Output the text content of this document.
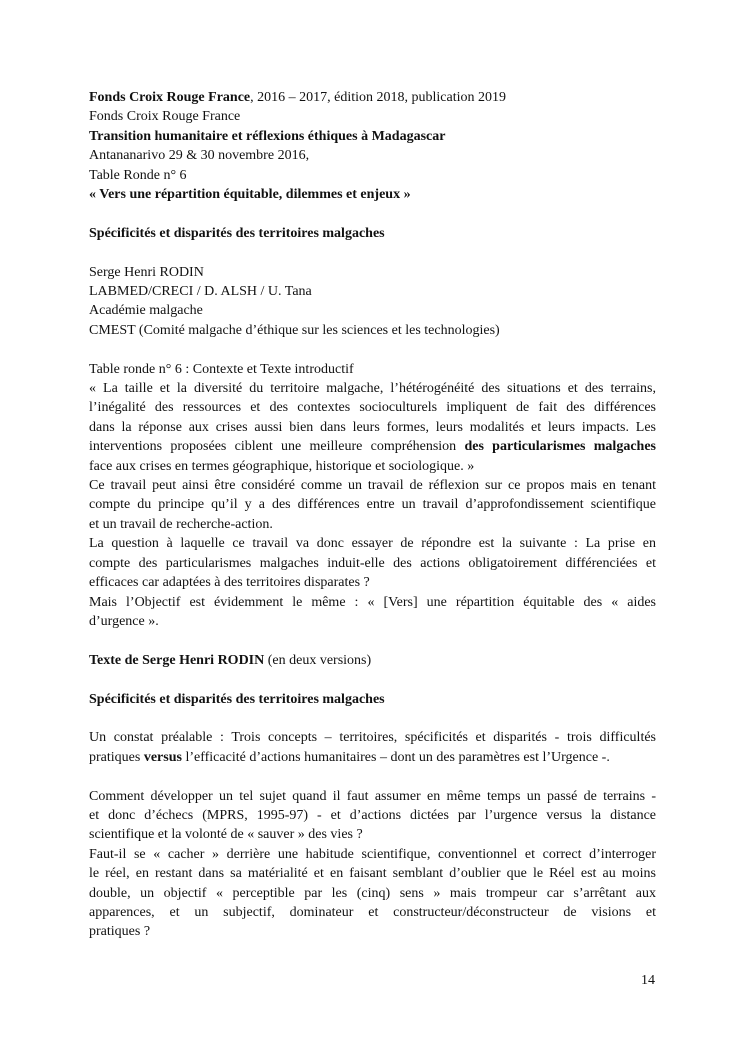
Fonds Croix Rouge France, 2016 – 2017, édition 2018, publication 2019
Fonds Croix Rouge France
Transition humanitaire et réflexions éthiques à Madagascar
Antananarivo 29 & 30 novembre 2016,
Table Ronde n° 6
« Vers une répartition équitable, dilemmes et enjeux »
Spécificités et disparités des territoires malgaches
Serge Henri RODIN
LABMED/CRECI / D. ALSH / U. Tana
Académie malgache
CMEST (Comité malgache d’éthique sur les sciences et les technologies)
Table ronde n° 6 : Contexte et Texte introductif
« La taille et la diversité du territoire malgache, l’hétérogénéité des situations et des terrains,
l’inégalité des ressources et des contextes socioculturels impliquent de fait des différences
dans la réponse aux crises aussi bien dans leurs formes, leurs modalités et leurs impacts. Les
interventions proposées ciblent une meilleure compréhension des particularismes malgaches
face aux crises en termes géographique, historique et sociologique. »
Ce travail peut ainsi être considéré comme un travail de réflexion sur ce propos mais en tenant
compte du principe qu’il y a des différences entre un travail d’approfondissement scientifique
et un travail de recherche-action.
La question à laquelle ce travail va donc essayer de répondre est la suivante : La prise en
compte des particularismes malgaches induit-elle des actions obligatoirement différenciées et
efficaces car adaptées à des territoires disparates ?
Mais l’Objectif est évidemment le même : « [Vers] une répartition équitable des « aides
d’urgence ».
Texte de Serge Henri RODIN (en deux versions)
Spécificités et disparités des territoires malgaches
Un constat préalable : Trois concepts – territoires, spécificités et disparités - trois difficultés
pratiques versus l’efficacité d’actions humanitaires – dont un des paramètres est l’Urgence -.
Comment développer un tel sujet quand il faut assumer en même temps un passé de terrains -
et donc d’échecs (MPRS, 1995-97) - et d’actions dictées par l’urgence versus la distance
scientifique et la volonté de « sauver » des vies ?
Faut-il se « cacher » derrière une habitude scientifique, conventionnel et correct d’interroger
le réel, en restant dans sa matérialité et en faisant semblant d’oublier que le Réel est au moins
double, un objectif « perceptible par les (cinq) sens » mais trompeur car s’arrêtant aux
apparences, et un subjectif, dominateur et constructeur/déconstructeur de visions et
pratiques ?
14
